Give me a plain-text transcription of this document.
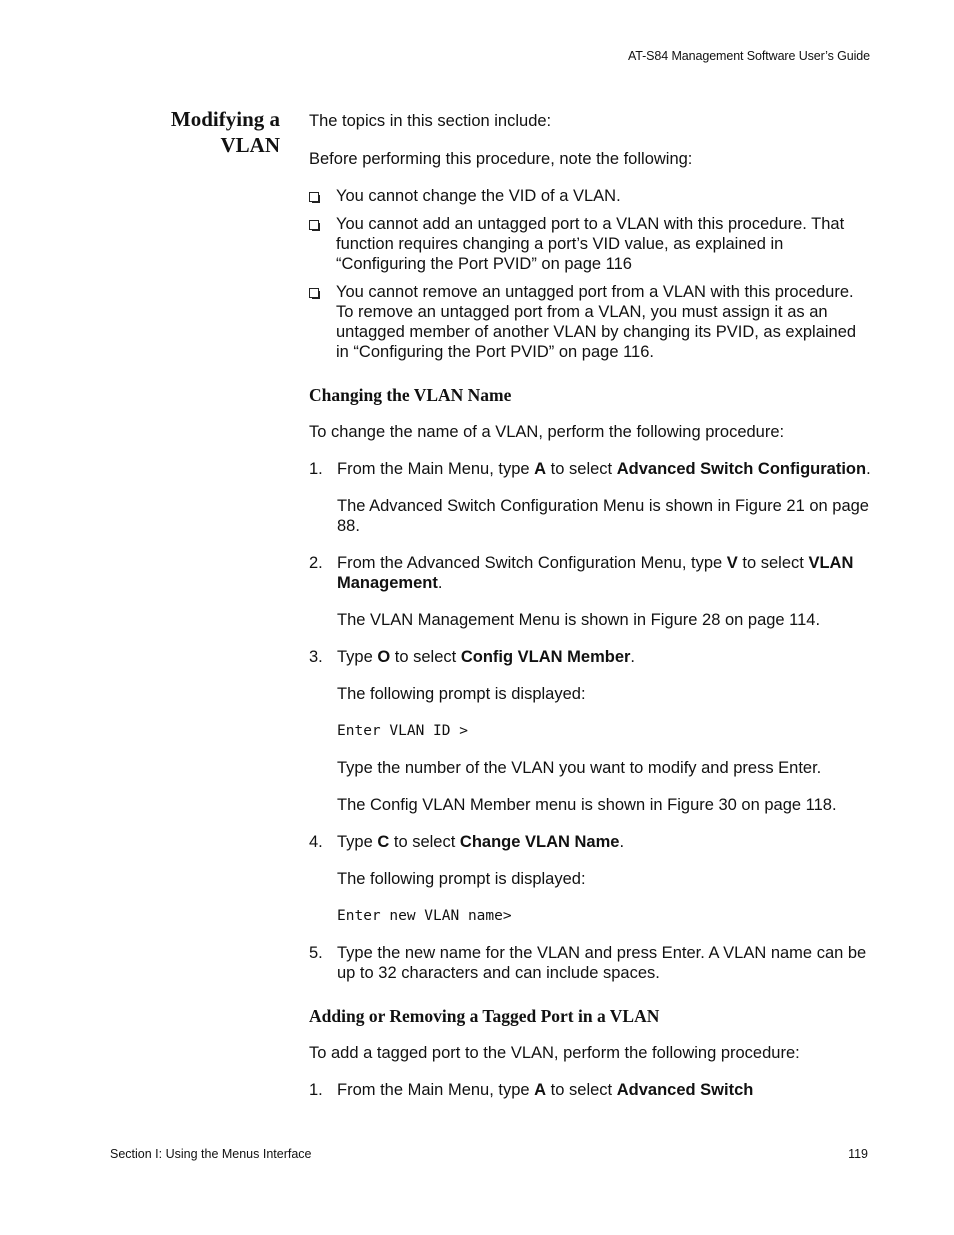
AT-S84 Management Software User’s Guide
Modifying a
VLAN

The topics in this section include:

Before performing this procedure, note the following:

You cannot change the VID of a VLAN.
You cannot add an untagged port to a VLAN with this procedure. That function requires changing a port’s VID value, as explained in “Configuring the Port PVID” on page 116
You cannot remove an untagged port from a VLAN with this procedure. To remove an untagged port from a VLAN, you must assign it as an untagged member of another VLAN by changing its PVID, as explained in “Configuring the Port PVID” on page 116.

Changing the VLAN Name

To change the name of a VLAN, perform the following procedure:

1. From the Main Menu, type A to select Advanced Switch Configuration.

The Advanced Switch Configuration Menu is shown in Figure 21 on page 88.

2. From the Advanced Switch Configuration Menu, type V to select VLAN Management.

The VLAN Management Menu is shown in Figure 28 on page 114.

3. Type O to select Config VLAN Member.

The following prompt is displayed:

Enter VLAN ID >

Type the number of the VLAN you want to modify and press Enter.

The Config VLAN Member menu is shown in Figure 30 on page 118.

4. Type C to select Change VLAN Name.

The following prompt is displayed:

Enter new VLAN name>

5. Type the new name for the VLAN and press Enter. A VLAN name can be up to 32 characters and can include spaces.

Adding or Removing a Tagged Port in a VLAN

To add a tagged port to the VLAN, perform the following procedure:

1. From the Main Menu, type A to select Advanced Switch
Section I: Using the Menus Interface	119
